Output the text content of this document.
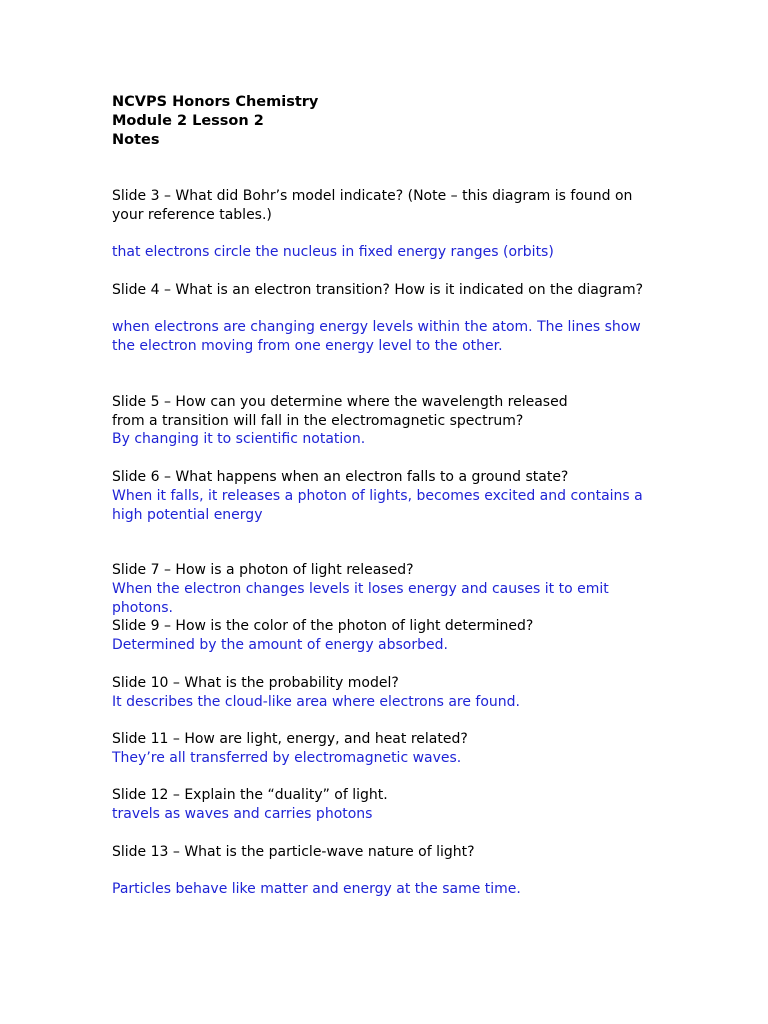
NCVPS Honors Chemistry
Module 2 Lesson 2
Notes

Slide 3 – What did Bohr’s model indicate? (Note – this diagram is found on your reference tables.)

that electrons circle the nucleus in fixed energy ranges (orbits)

Slide 4 – What is an electron transition? How is it indicated on the diagram?

when electrons are changing energy levels within the atom. The lines show the electron moving from one energy level to the other.

Slide 5 – How can you determine where the wavelength released from a transition will fall in the electromagnetic spectrum?

By changing it to scientific notation.

Slide 6 – What happens when an electron falls to a ground state?

When it falls, it releases a photon of lights, becomes excited and contains a high potential energy

Slide 7 – How is a photon of light released?

When the electron changes levels it loses energy and causes it to emit photons.

Slide 9 – How is the color of the photon of light determined?

Determined by the amount of energy absorbed.

Slide 10 – What is the probability model?

It describes the cloud-like area where electrons are found.

Slide 11 – How are light, energy, and heat related?

They’re all transferred by electromagnetic waves.

Slide 12 – Explain the “duality” of light.

travels as waves and carries photons

Slide 13 – What is the particle-wave nature of light?

Particles behave like matter and energy at the same time.
